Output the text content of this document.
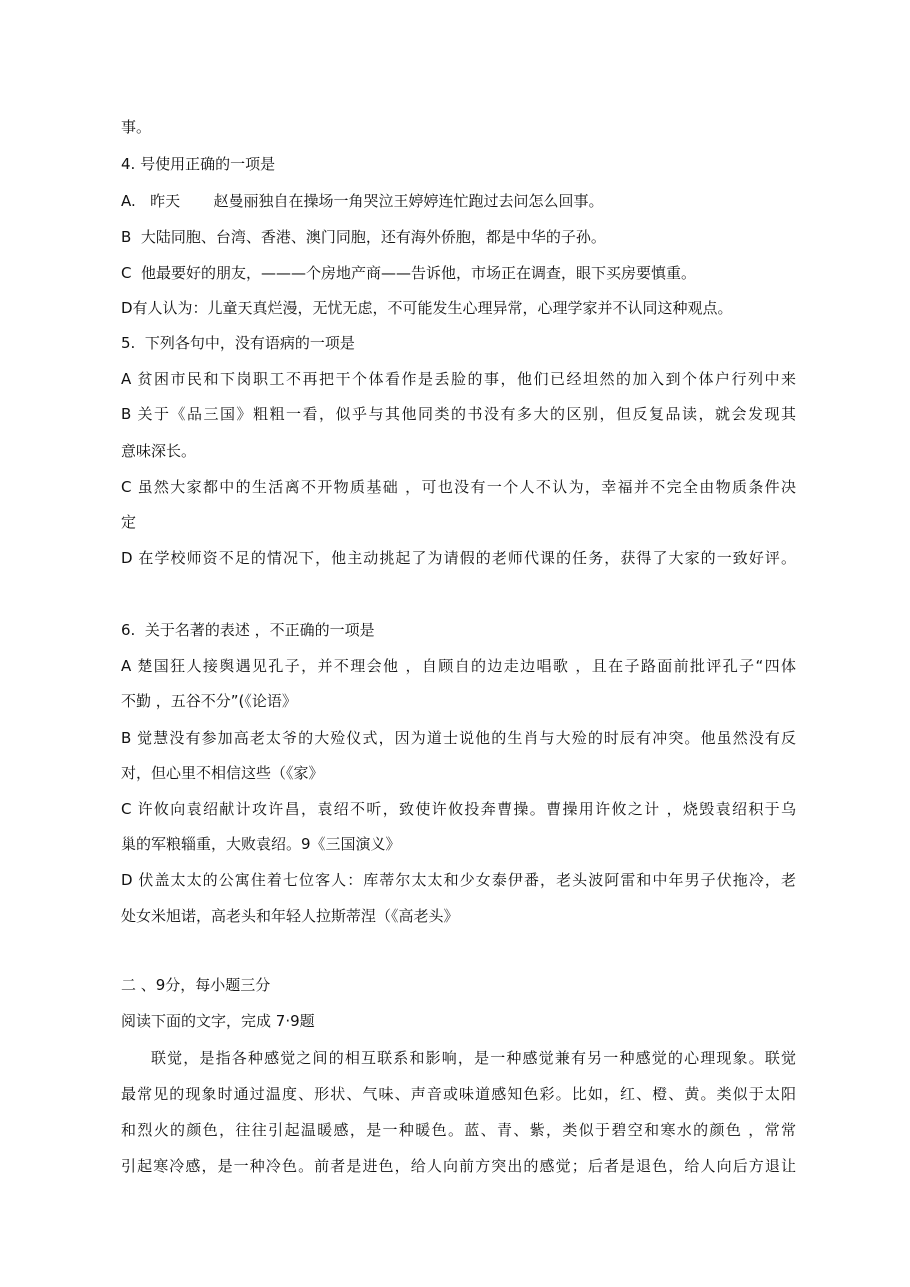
事。
4. 号使用正确的一项是
A.   昨天       赵曼丽独自在操场一角哭泣王婷婷连忙跑过去问怎么回事。
B  大陆同胞、台湾、香港、澳门同胞，还有海外侨胞，都是中华的子孙。
C  他最要好的朋友，———个房地产商——告诉他，市场正在调查，眼下买房要慎重。
D有人认为：儿童天真烂漫，无忧无虑，不可能发生心理异常，心理学家并不认同这种观点。
5.  下列各句中，没有语病的一项是
A 贫困市民和下岗职工不再把干个体看作是丢脸的事，他们已经坦然的加入到个体户行列中来
B 关于《品三国》粗粗一看，似乎与其他同类的书没有多大的区别，但反复品读，就会发现其
意味深长。
C 虽然大家都中的生活离不开物质基础 ，可也没有一个人不认为，幸福并不完全由物质条件决
定
D 在学校师资不足的情况下，他主动挑起了为请假的老师代课的任务，获得了大家的一致好评。
6.  关于名著的表述 ，不正确的一项是
A 楚国狂人接舆遇见孔子，并不理会他 ，自顾自的边走边唱歌 ，且在子路面前批评孔子“四体
不勤 ，五谷不分”(《论语》
B 觉慧没有参加高老太爷的大殓仪式，因为道士说他的生肖与大殓的时辰有冲突。他虽然没有反
对，但心里不相信这些（《家》
C 许攸向袁绍献计攻许昌，袁绍不听，致使许攸投奔曹操。曹操用许攸之计 ，烧毁袁绍积于乌
巢的军粮辎重，大败袁绍。9《三国演义》
D 伏盖太太的公寓住着七位客人：库蒂尔太太和少女泰伊番，老头波阿雷和中年男子伏拖冷，老
处女米旭诺，高老头和年轻人拉斯蒂涅（《高老头》
二 、9分，每小题三分
阅读下面的文字，完成 7·9题
联觉，是指各种感觉之间的相互联系和影响，是一种感觉兼有另一种感觉的心理现象。联觉
最常见的现象时通过温度、形状、气味、声音或味道感知色彩。比如，红、橙、黄。类似于太阳
和烈火的颜色，往往引起温暖感，是一种暖色。蓝、青、紫，类似于碧空和寒水的颜色 ，常常
引起寒冷感，是一种冷色。前者是进色，给人向前方突出的感觉；后者是退色，给人向后方退让
